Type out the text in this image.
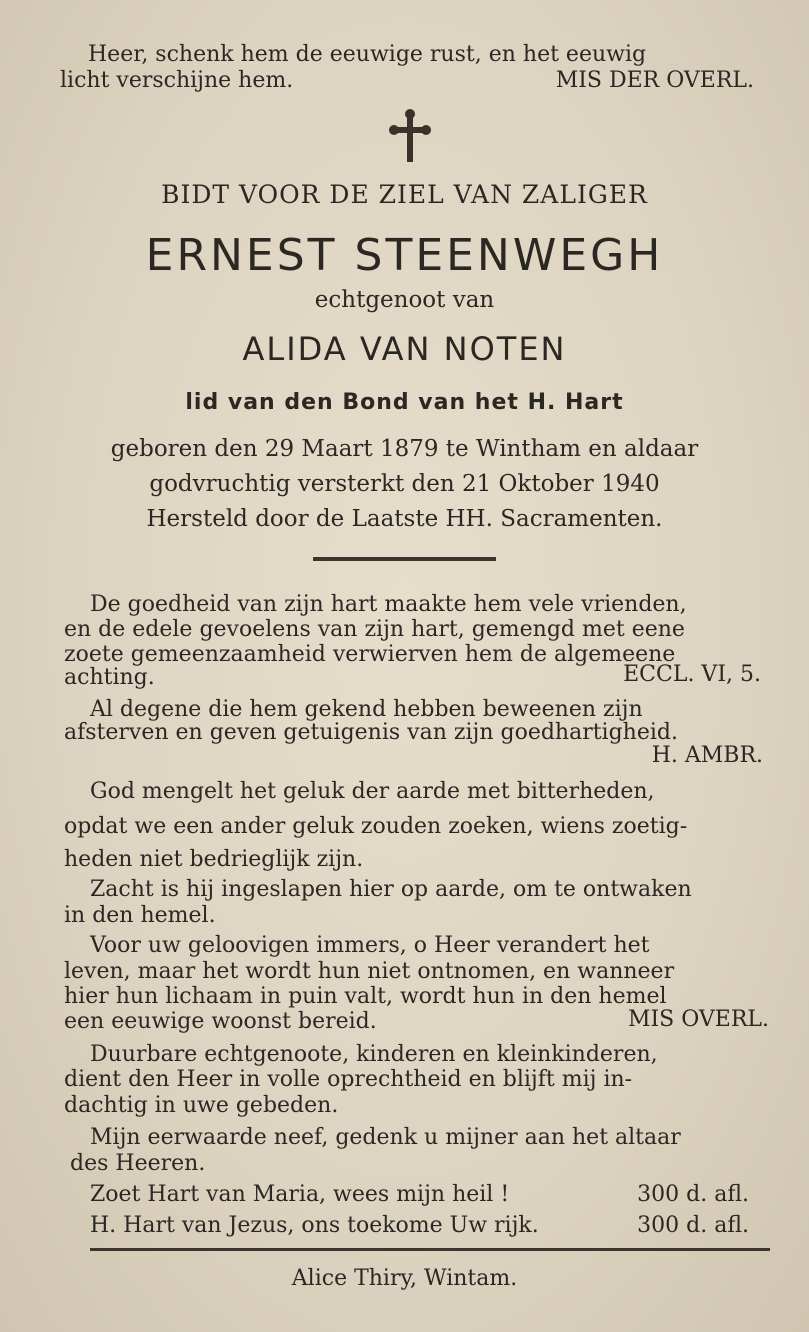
Heer, schenk hem de eeuwige rust, en het eeuwig
licht verschijne hem.	MIS DER OVERL.
BIDT VOOR DE ZIEL VAN ZALIGER
ERNEST STEENWEGH
echtgenoot van
ALIDA VAN NOTEN
lid van den Bond van het H. Hart
geboren den 29 Maart 1879 te Wintham en aldaar
godvruchtig versterkt den 21 Oktober 1940
Hersteld door de Laatste HH. Sacramenten.
De goedheid van zijn hart maakte hem vele vrienden,
en de edele gevoelens van zijn hart, gemengd met eene
zoete gemeenzaamheid verwierven hem de algemeene
achting.	ECCL. VI, 5.
Al degene die hem gekend hebben beweenen zijn
afsterven en geven getuigenis van zijn goedhartigheid.
H. AMBR.
God mengelt het geluk der aarde met bitterheden,
opdat we een ander geluk zouden zoeken, wiens zoetig-
heden niet bedrieglijk zijn.
Zacht is hij ingeslapen hier op aarde, om te ontwaken
in den hemel.
Voor uw geloovigen immers, o Heer verandert het
leven, maar het wordt hun niet ontnomen, en wanneer
hier hun lichaam in puin valt, wordt hun in den hemel
een eeuwige woonst bereid.	MIS OVERL.
Duurbare echtgenoote, kinderen en kleinkinderen,
dient den Heer in volle oprechtheid en blijft mij in-
dachtig in uwe gebeden.
Mijn eerwaarde neef, gedenk u mijner aan het altaar
des Heeren.
Zoet Hart van Maria, wees mijn heil !	300 d. afl.
H. Hart van Jezus, ons toekome Uw rijk.	300 d. afl.
Alice Thiry, Wintam.
